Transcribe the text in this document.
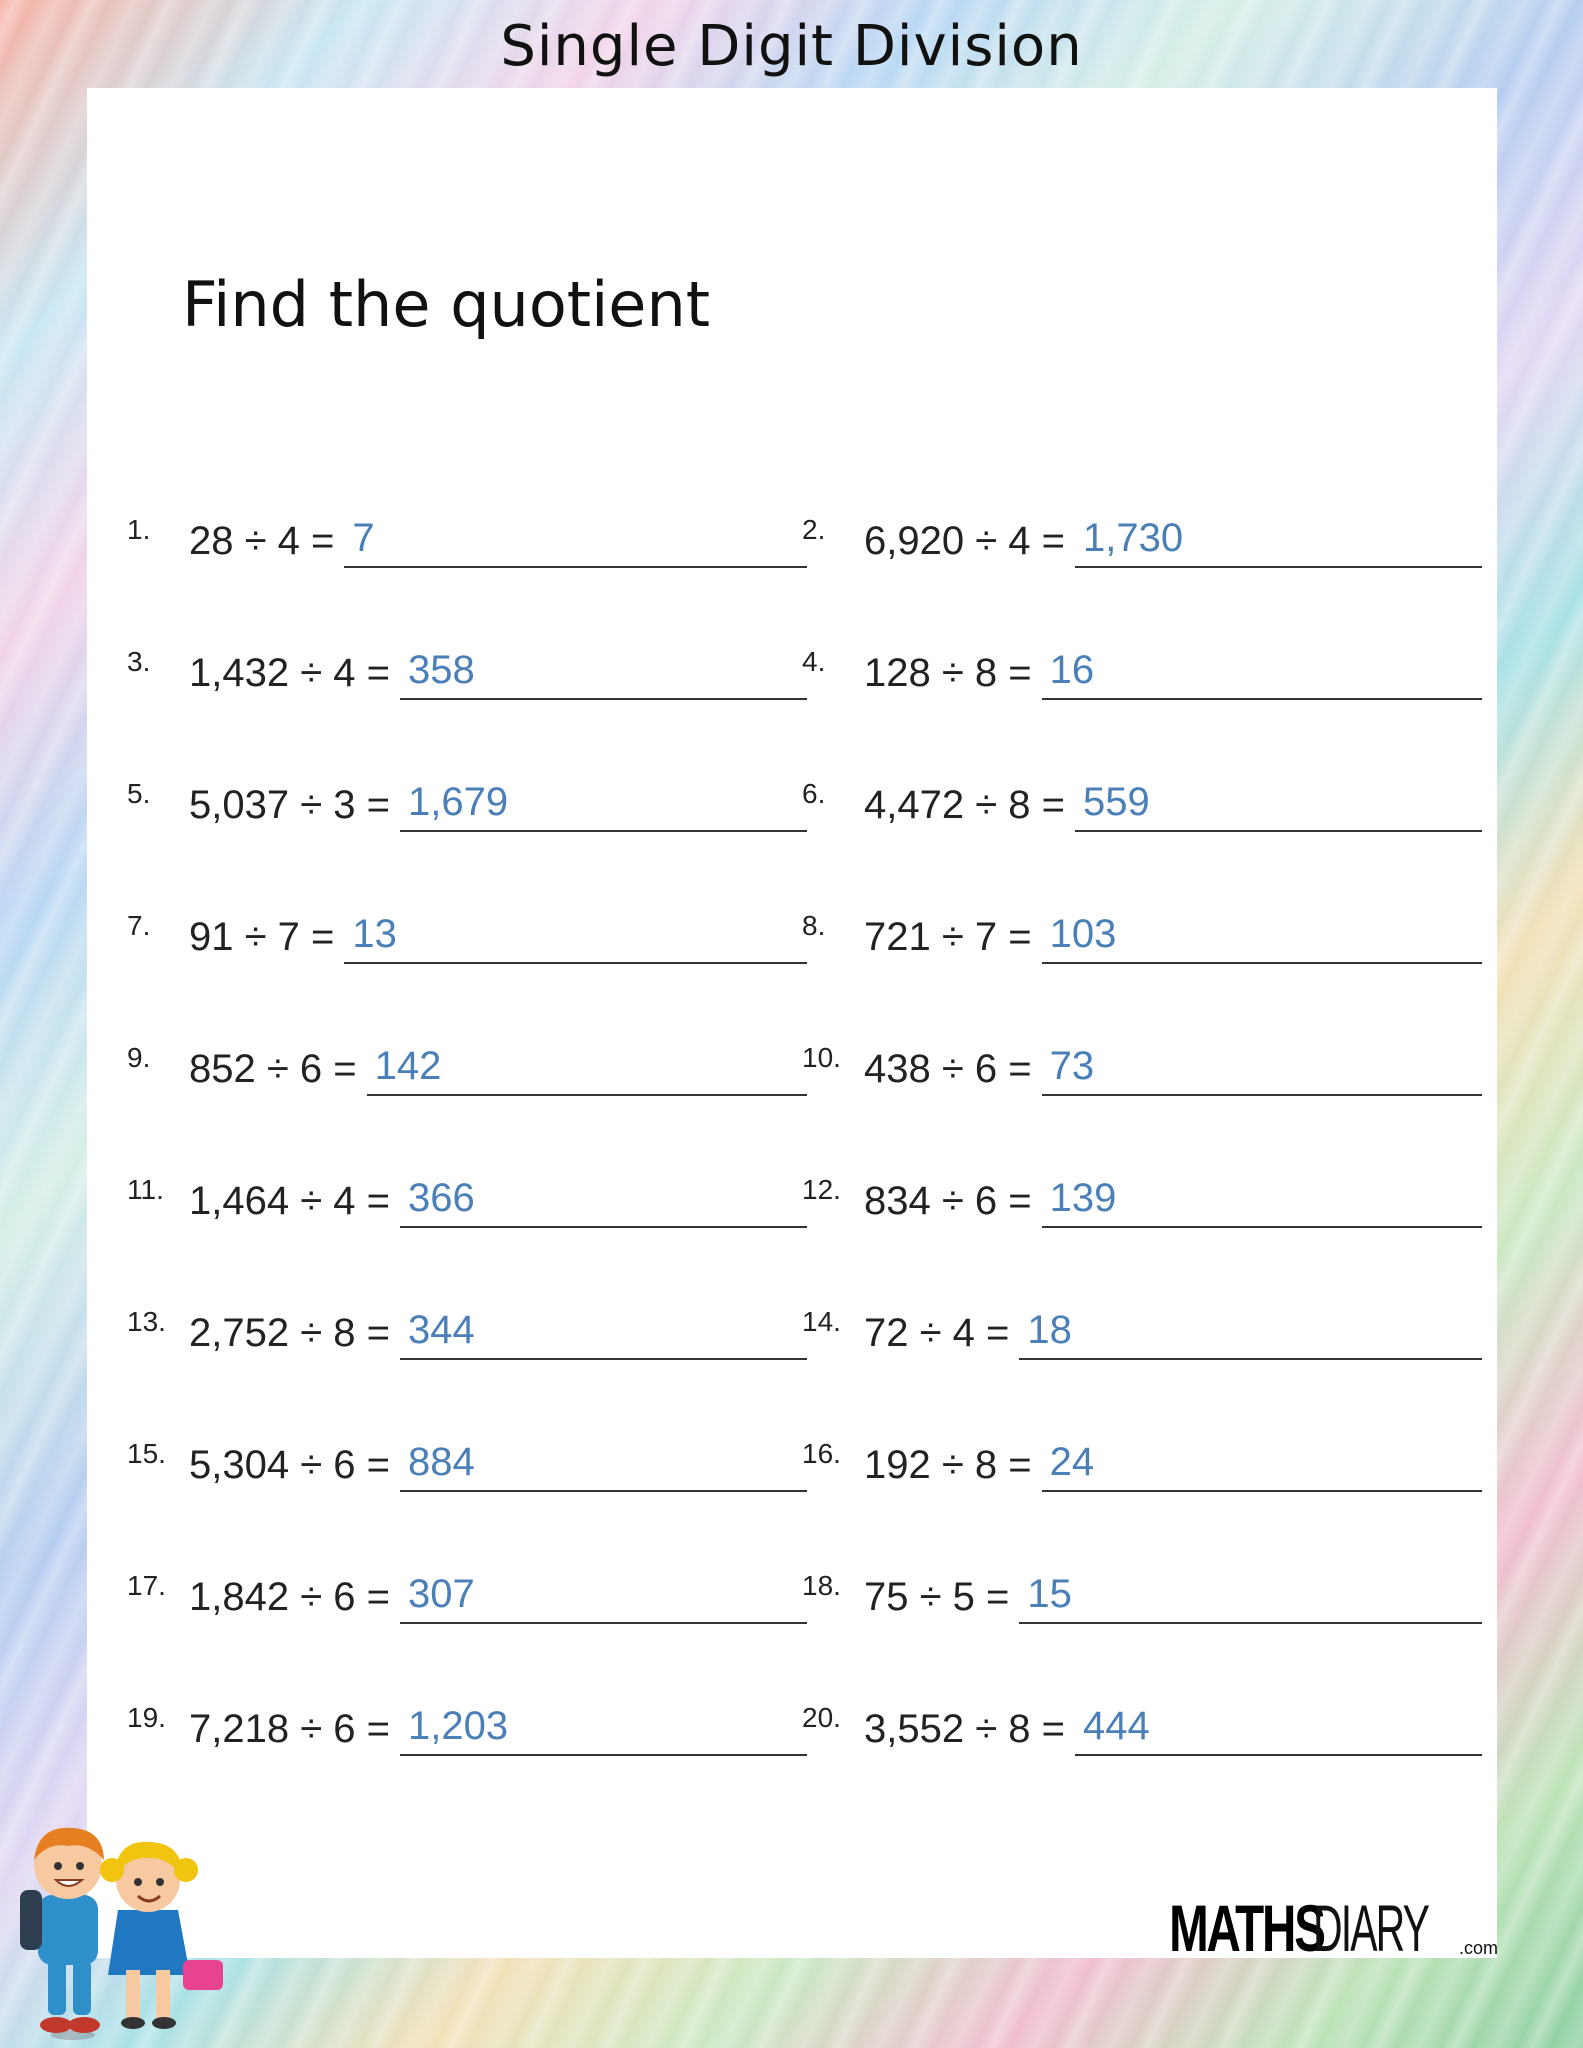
Single Digit Division
Find the quotient
1. 28 ÷ 4 = 7	2. 6,920 ÷ 4 = 1,730
3. 1,432 ÷ 4 = 358	4. 128 ÷ 8 = 16
5. 5,037 ÷ 3 = 1,679	6. 4,472 ÷ 8 = 559
7. 91 ÷ 7 = 13	8. 721 ÷ 7 = 103
9. 852 ÷ 6 = 142	10. 438 ÷ 6 = 73
11. 1,464 ÷ 4 = 366	12. 834 ÷ 6 = 139
13. 2,752 ÷ 8 = 344	14. 72 ÷ 4 = 18
15. 5,304 ÷ 6 = 884	16. 192 ÷ 8 = 24
17. 1,842 ÷ 6 = 307	18. 75 ÷ 5 = 15
19. 7,218 ÷ 6 = 1,203	20. 3,552 ÷ 8 = 444
MATHS
DIARY .com
